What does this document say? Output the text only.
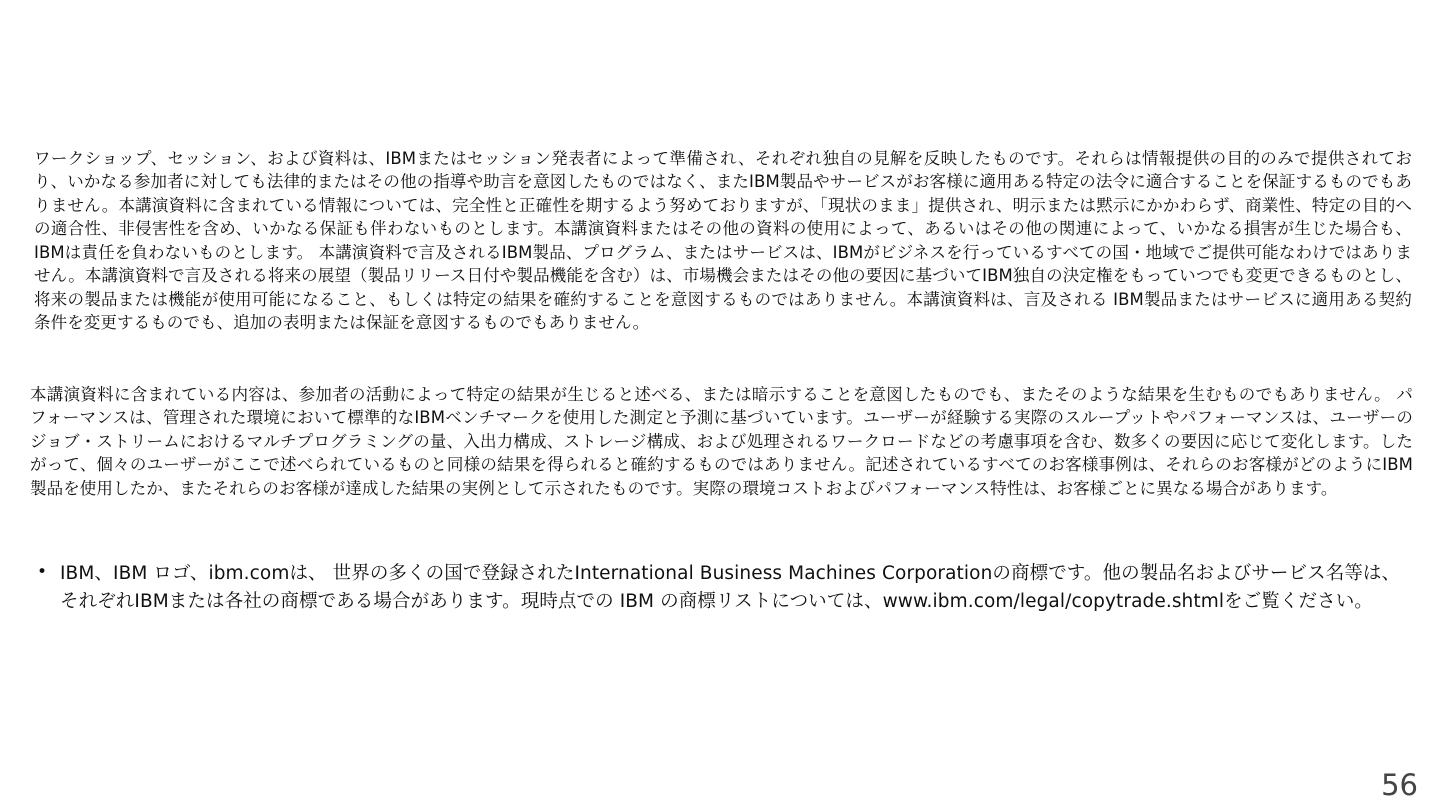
ワークショップ、セッション、および資料は、IBMまたはセッション発表者によって準備され、それぞれ独自の見解を反映したものです。それらは情報提供の目的のみで提供されており、いかなる参加者に対しても法律的またはその他の指導や助言を意図したものではなく、またIBM製品やサービスがお客様に適用ある特定の法令に適合することを保証するものでもありません。本講演資料に含まれている情報については、完全性と正確性を期するよう努めておりますが、「現状のまま」提供され、明示または黙示にかかわらず、商業性、特定の目的への適合性、非侵害性を含め、いかなる保証も伴わないものとします。本講演資料またはその他の資料の使用によって、あるいはその他の関連によって、いかなる損害が生じた場合も、IBMは責任を負わないものとします。 本講演資料で言及されるIBM製品、プログラム、またはサービスは、IBMがビジネスを行っているすべての国・地域でご提供可能なわけではありません。本講演資料で言及される将来の展望（製品リリース日付や製品機能を含む）は、市場機会またはその他の要因に基づいてIBM独自の決定権をもっていつでも変更できるものとし、将来の製品または機能が使用可能になること、もしくは特定の結果を確約することを意図するものではありません。本講演資料は、言及される IBM製品またはサービスに適用ある契約条件を変更するものでも、追加の表明または保証を意図するものでもありません。
本講演資料に含まれている内容は、参加者の活動によって特定の結果が生じると述べる、または暗示することを意図したものでも、またそのような結果を生むものでもありません。 パフォーマンスは、管理された環境において標準的なIBMベンチマークを使用した測定と予測に基づいています。ユーザーが経験する実際のスループットやパフォーマンスは、ユーザーのジョブ・ストリームにおけるマルチプログラミングの量、入出力構成、ストレージ構成、および処理されるワークロードなどの考慮事項を含む、数多くの要因に応じて変化します。したがって、個々のユーザーがここで述べられているものと同様の結果を得られると確約するものではありません。記述されているすべてのお客様事例は、それらのお客様がどのようにIBM製品を使用したか、またそれらのお客様が達成した結果の実例として示されたものです。実際の環境コストおよびパフォーマンス特性は、お客様ごとに異なる場合があります。
• IBM、IBM ロゴ、ibm.comは、 世界の多くの国で登録されたInternational Business Machines Corporationの商標です。他の製品名およびサービス名等は、それぞれIBMまたは各社の商標である場合があります。現時点での IBM の商標リストについては、www.ibm.com/legal/copytrade.shtmlをご覧ください。
56
